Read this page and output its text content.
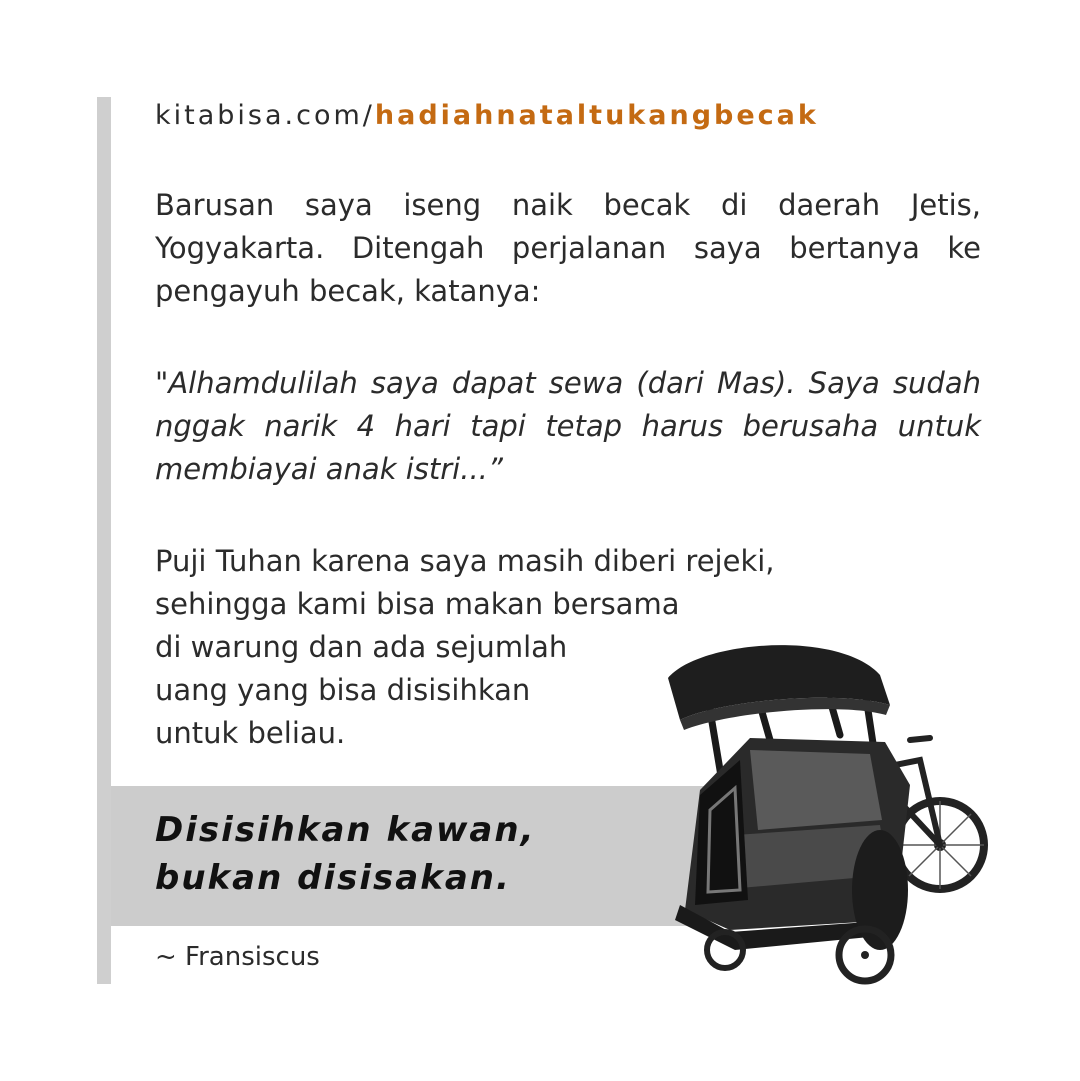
kitabisa.com/hadiahnataltukangbecak

Barusan saya iseng naik becak di daerah Jetis, Yogyakarta. Ditengah perjalanan saya bertanya ke pengayuh becak, katanya:

"Alhamdulilah saya dapat sewa (dari Mas). Saya sudah nggak narik 4 hari tapi tetap harus berusaha untuk membiayai anak istri...”

Puji Tuhan karena saya masih diberi rejeki,
sehingga kami bisa makan bersama
di warung dan ada sejumlah
uang yang bisa disisihkan
untuk beliau.
Disisihkan kawan,
bukan disisakan.
~ Fransiscus
